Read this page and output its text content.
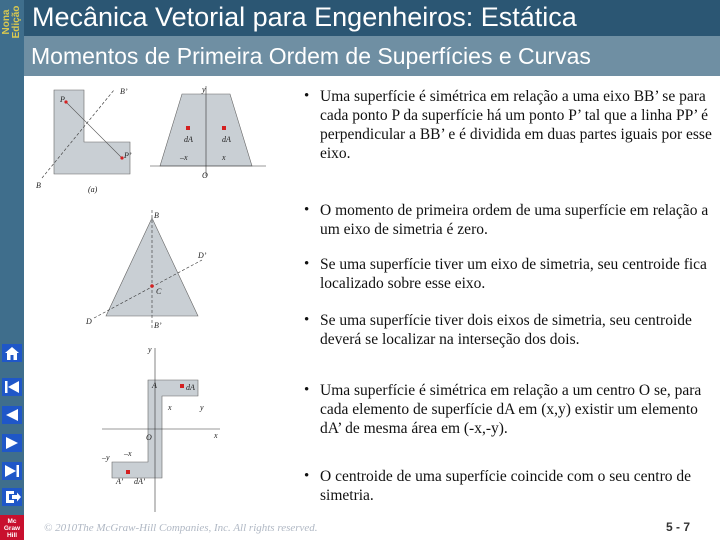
Nona
Edição Mecânica Vetorial para Engenheiros: Estática
Momentos de Primeira Ordem de Superfícies e Curvas
Mc
Graw
Hill
P
B’
P’
B	(a)
y
dA	dA
O
–x	x
B
D’
C
D	B’
y
A	dA
x	y
O	x
–x
–y
A’ dA’
• Uma superfície é simétrica em relação a uma eixo BB’ se para cada ponto P da superfície há um ponto P’ tal que a linha PP’ é perpendicular a BB’ e é dividida em duas partes iguais por esse eixo.
• O momento de primeira ordem de uma superfície em relação a um eixo de simetria é zero.
• Se uma superfície tiver um eixo de simetria, seu centroide fica localizado sobre esse eixo.
• Se uma superfície tiver dois eixos de simetria, seu centroide deverá se localizar na interseção dos dois.
• Uma superfície é simétrica em relação a um centro O se, para cada elemento de superfície dA em (x,y) existir um elemento dA’ de mesma área em (-x,-y).
• O centroide de uma superfície coincide com o seu centro de simetria.
© 2010The McGraw-Hill Companies, Inc. All rights reserved.	5 - 7
